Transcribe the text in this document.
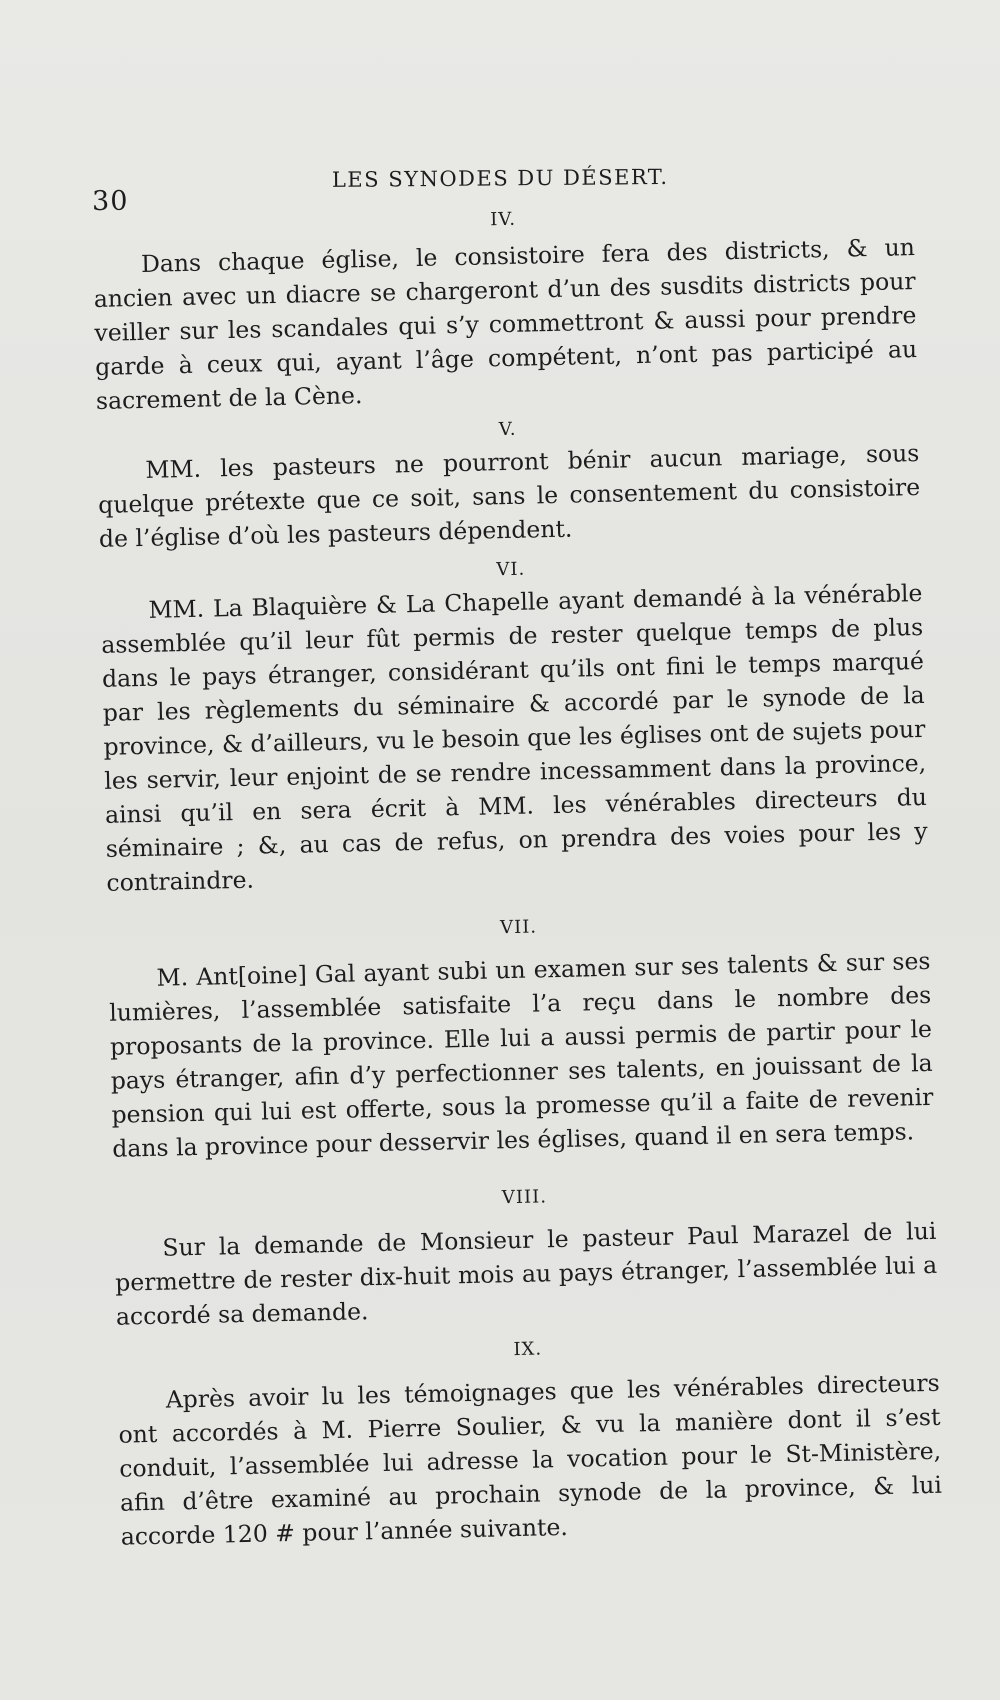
30
LES SYNODES DU DÉSERT.
IV.

Dans chaque église, le consistoire fera des districts, & un ancien avec un diacre se chargeront d’un des susdits districts pour veiller sur les scandales qui s’y commettront & aussi pour prendre garde à ceux qui, ayant l’âge compétent, n’ont pas participé au sacrement de la Cène.

V.

MM. les pasteurs ne pourront bénir aucun mariage, sous quelque prétexte que ce soit, sans le consentement du consistoire de l’église d’où les pasteurs dépendent.

VI.

MM. La Blaquière & La Chapelle ayant demandé à la vénérable assemblée qu’il leur fût permis de rester quelque temps de plus dans le pays étranger, considérant qu’ils ont fini le temps marqué par les règlements du séminaire & accordé par le synode de la province, & d’ailleurs, vu le besoin que les églises ont de sujets pour les servir, leur enjoint de se rendre incessamment dans la province, ainsi qu’il en sera écrit à MM. les vénérables directeurs du séminaire ; &, au cas de refus, on prendra des voies pour les y contraindre.

VII.

M. Ant[oine] Gal ayant subi un examen sur ses talents & sur ses lumières, l’assemblée satisfaite l’a reçu dans le nombre des proposants de la province. Elle lui a aussi permis de partir pour le pays étranger, afin d’y perfectionner ses talents, en jouissant de la pension qui lui est offerte, sous la promesse qu’il a faite de revenir dans la province pour desservir les églises, quand il en sera temps.

VIII.

Sur la demande de Monsieur le pasteur Paul Marazel de lui permettre de rester dix-huit mois au pays étranger, l’assemblée lui a accordé sa demande.

IX.

Après avoir lu les témoignages que les vénérables directeurs ont accordés à M. Pierre Soulier, & vu la manière dont il s’est conduit, l’assemblée lui adresse la vocation pour le St-Ministère, afin d’être examiné au prochain synode de la province, & lui accorde 120 # pour l’année suivante.
